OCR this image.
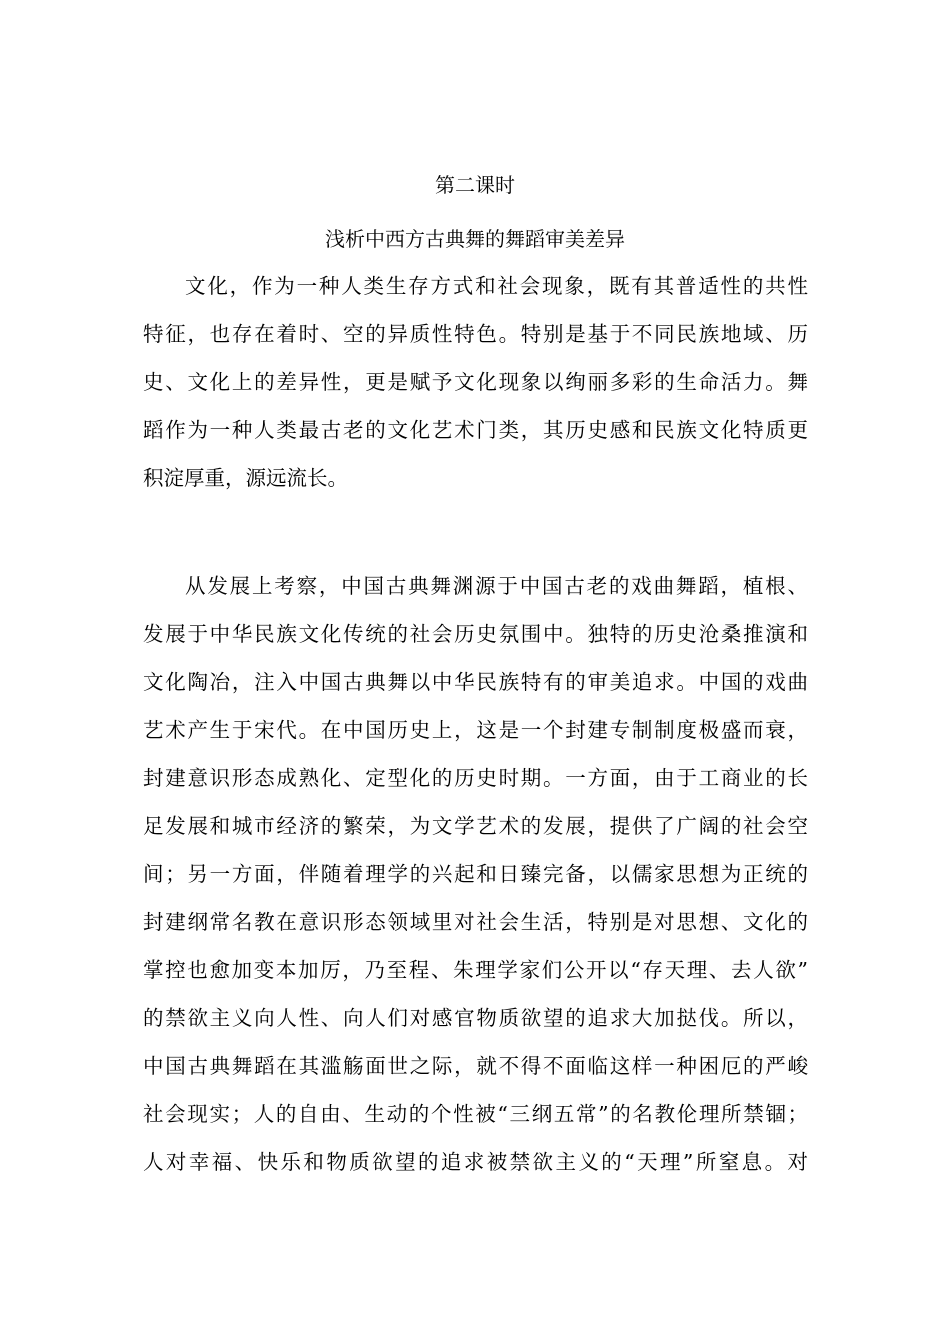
第二课时
浅析中西方古典舞的舞蹈审美差异
文化，作为一种人类生存方式和社会现象，既有其普适性的共性
特征，也存在着时、空的异质性特色。特别是基于不同民族地域、历
史、文化上的差异性，更是赋予文化现象以绚丽多彩的生命活力。舞
蹈作为一种人类最古老的文化艺术门类，其历史感和民族文化特质更
积淀厚重，源远流长。
从发展上考察，中国古典舞渊源于中国古老的戏曲舞蹈，植根、
发展于中华民族文化传统的社会历史氛围中。独特的历史沧桑推演和
文化陶冶，注入中国古典舞以中华民族特有的审美追求。中国的戏曲
艺术产生于宋代。在中国历史上，这是一个封建专制制度极盛而衰，
封建意识形态成熟化、定型化的历史时期。一方面，由于工商业的长
足发展和城市经济的繁荣，为文学艺术的发展，提供了广阔的社会空
间；另一方面，伴随着理学的兴起和日臻完备，以儒家思想为正统的
封建纲常名教在意识形态领域里对社会生活，特别是对思想、文化的
掌控也愈加变本加厉，乃至程、朱理学家们公开以“存天理、去人欲”
的禁欲主义向人性、向人们对感官物质欲望的追求大加挞伐。所以，
中国古典舞蹈在其滥觞面世之际，就不得不面临这样一种困厄的严峻
社会现实；人的自由、生动的个性被“三纲五常”的名教伦理所禁锢；
人对幸福、快乐和物质欲望的追求被禁欲主义的“天理”所窒息。对
